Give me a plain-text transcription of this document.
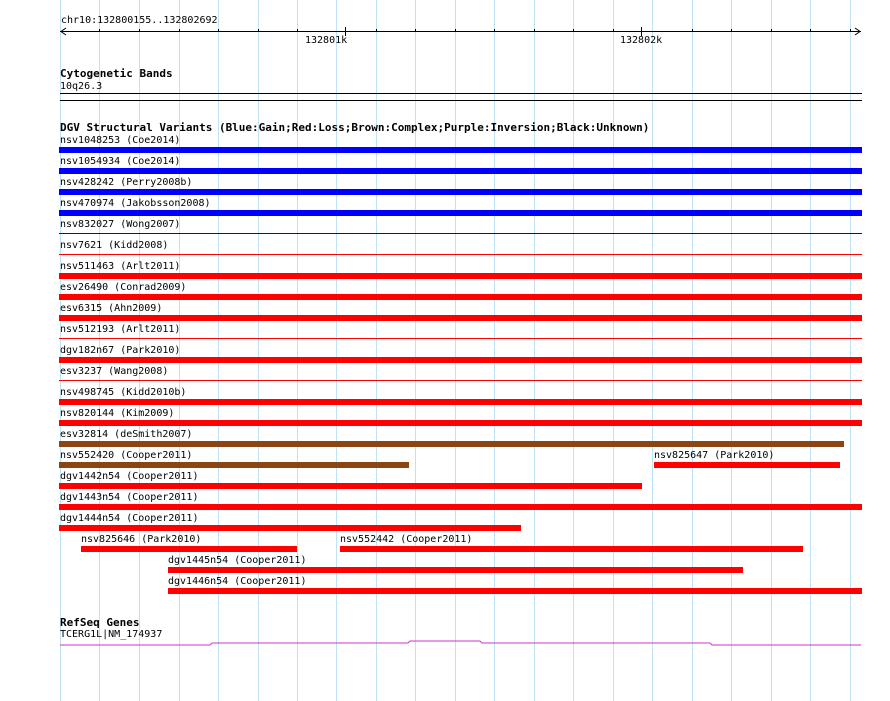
chr10:132800155..132802692
132801k	132802k
Cytogenetic Bands
10q26.3
DGV Structural Variants (Blue:Gain;Red:Loss;Brown:Complex;Purple:Inversion;Black:Unknown)
nsv1048253 (Coe2014)
nsv1054934 (Coe2014)
nsv428242 (Perry2008b)
nsv470974 (Jakobsson2008)
nsv832027 (Wong2007)
nsv7621 (Kidd2008)
nsv511463 (Arlt2011)
esv26490 (Conrad2009)
esv6315 (Ahn2009)
nsv512193 (Arlt2011)
dgv182n67 (Park2010)
esv3237 (Wang2008)
nsv498745 (Kidd2010b)
nsv820144 (Kim2009)
esv32814 (deSmith2007)
nsv552420 (Cooper2011)	nsv825647 (Park2010)
dgv1442n54 (Cooper2011)
dgv1443n54 (Cooper2011)
dgv1444n54 (Cooper2011)
nsv825646 (Park2010)	nsv552442 (Cooper2011)
dgv1445n54 (Cooper2011)
dgv1446n54 (Cooper2011)
RefSeq Genes
TCERG1L|NM_174937
